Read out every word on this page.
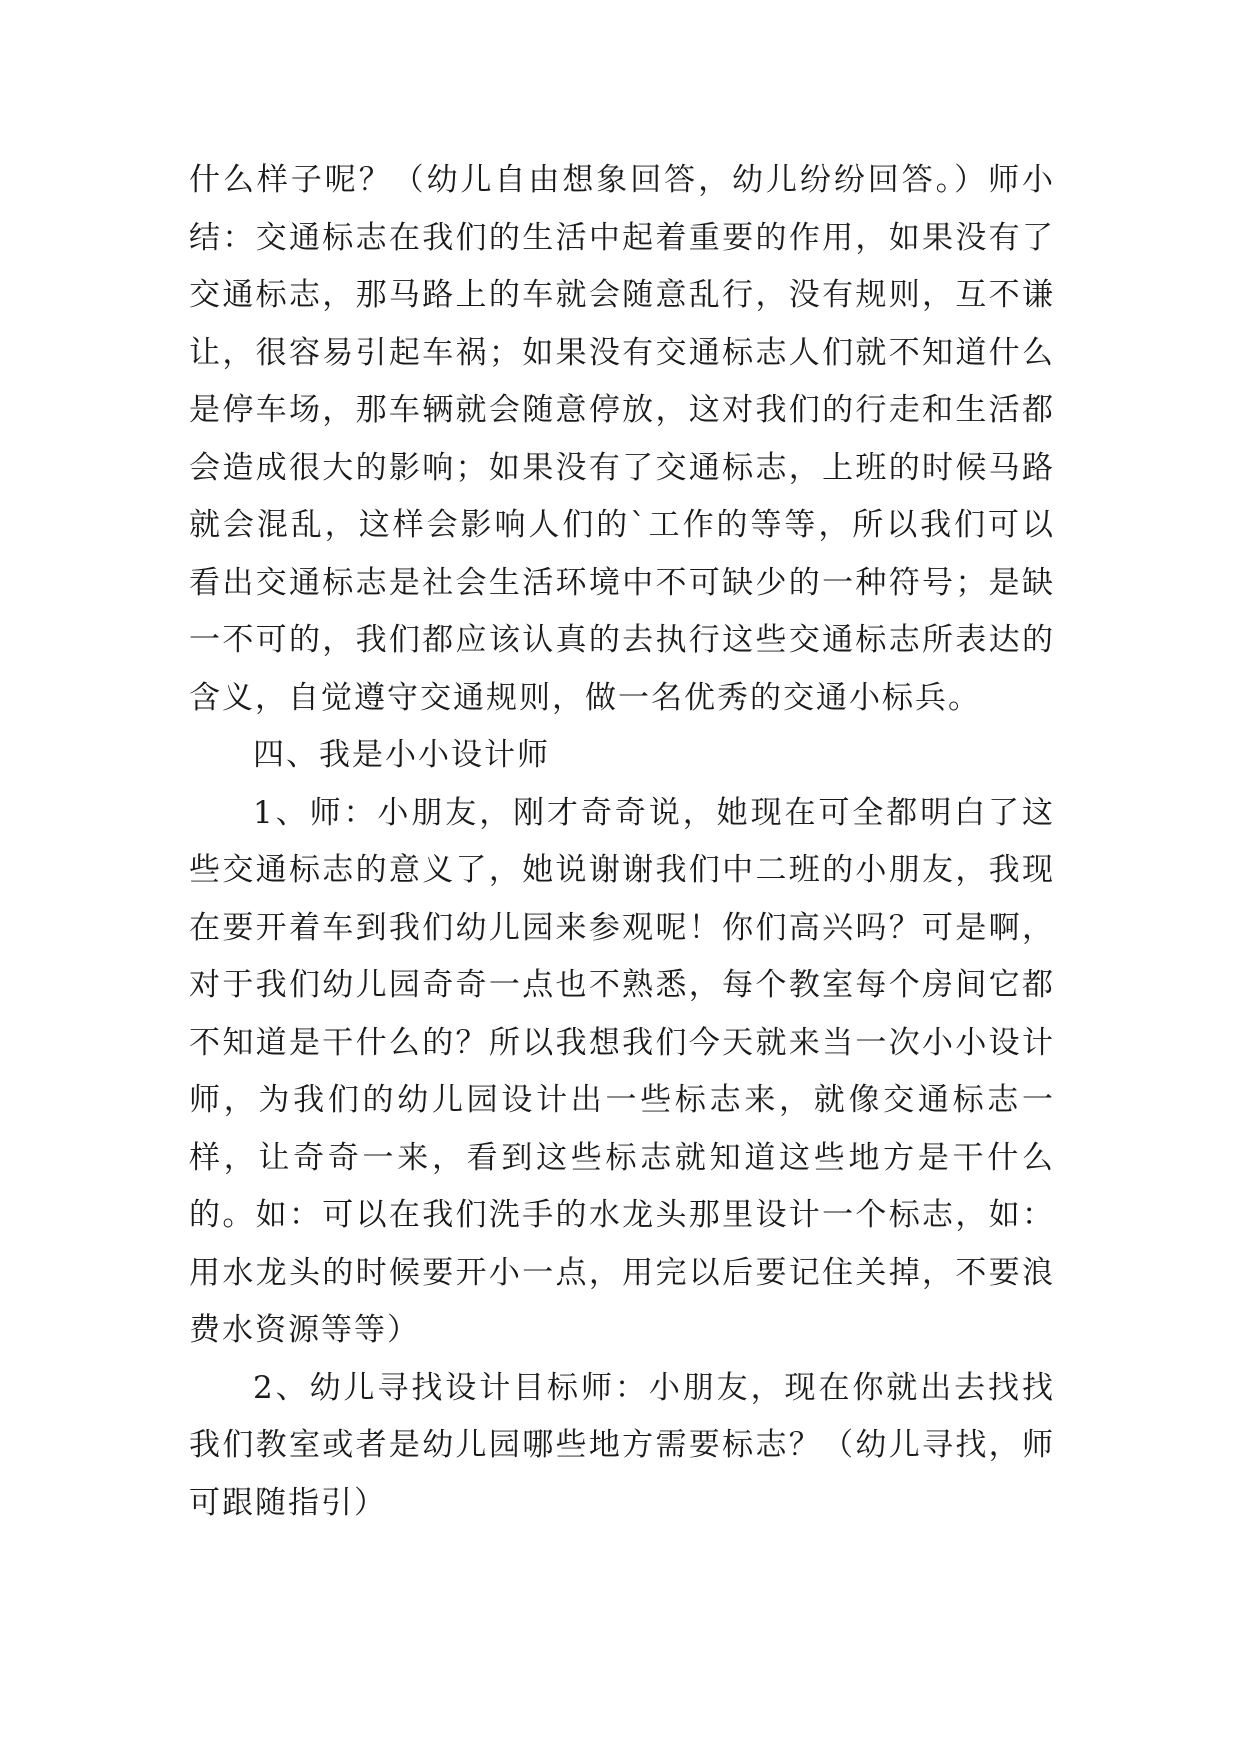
什么样子呢？（幼儿自由想象回答，幼儿纷纷回答。）师小结：交通标志在我们的生活中起着重要的作用，如果没有了交通标志，那马路上的车就会随意乱行，没有规则，互不谦让，很容易引起车祸；如果没有交通标志人们就不知道什么是停车场，那车辆就会随意停放，这对我们的行走和生活都会造成很大的影响；如果没有了交通标志，上班的时候马路就会混乱，这样会影响人们的`工作的等等，所以我们可以看出交通标志是社会生活环境中不可缺少的一种符号；是缺一不可的，我们都应该认真的去执行这些交通标志所表达的含义，自觉遵守交通规则，做一名优秀的交通小标兵。

四、我是小小设计师

1、师：小朋友，刚才奇奇说，她现在可全都明白了这些交通标志的意义了，她说谢谢我们中二班的小朋友，我现在要开着车到我们幼儿园来参观呢！你们高兴吗？可是啊，对于我们幼儿园奇奇一点也不熟悉，每个教室每个房间它都不知道是干什么的？所以我想我们今天就来当一次小小设计师，为我们的幼儿园设计出一些标志来，就像交通标志一样，让奇奇一来，看到这些标志就知道这些地方是干什么的。如：可以在我们洗手的水龙头那里设计一个标志，如：用水龙头的时候要开小一点，用完以后要记住关掉，不要浪费水资源等等）

2、幼儿寻找设计目标师：小朋友，现在你就出去找找我们教室或者是幼儿园哪些地方需要标志？（幼儿寻找，师可跟随指引）
